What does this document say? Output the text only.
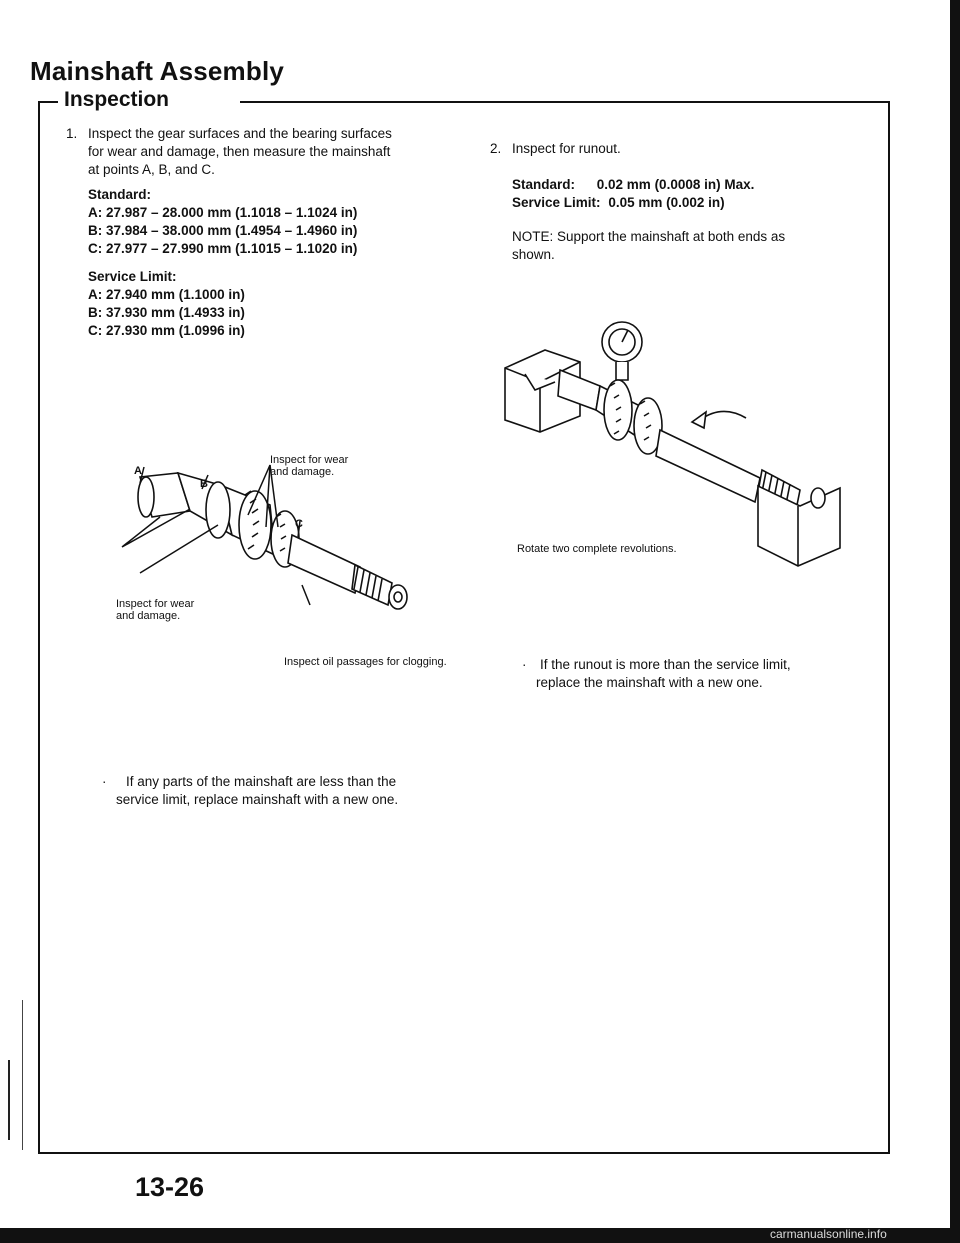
Mainshaft Assembly
Inspection
1. Inspect the gear surfaces and the bearing surfaces
for wear and damage, then measure the mainshaft
at points A, B, and C.
Standard:
A: 27.987 – 28.000 mm (1.1018 – 1.1024 in)
B: 37.984 – 38.000 mm (1.4954 – 1.4960 in)
C: 27.977 – 27.990 mm (1.1015 – 1.1020 in)
Service Limit:
A: 27.940 mm (1.1000 in)
B: 37.930 mm (1.4933 in)
C: 27.930 mm (1.0996 in)
A
B
C
Inspect for wear
and damage.
Inspect for wear
and damage.
Inspect oil passages for clogging.
·	If any parts of the mainshaft are less than the
service limit, replace mainshaft with a new one.
2. Inspect for runout.
Standard: 0.02 mm (0.0008 in) Max.
Service Limit: 0.05 mm (0.002 in)
NOTE: Support the mainshaft at both ends as
shown.
Rotate two complete revolutions.
· If the runout is more than the service limit,
replace the mainshaft with a new one.
13-26
carmanualsonline.info
